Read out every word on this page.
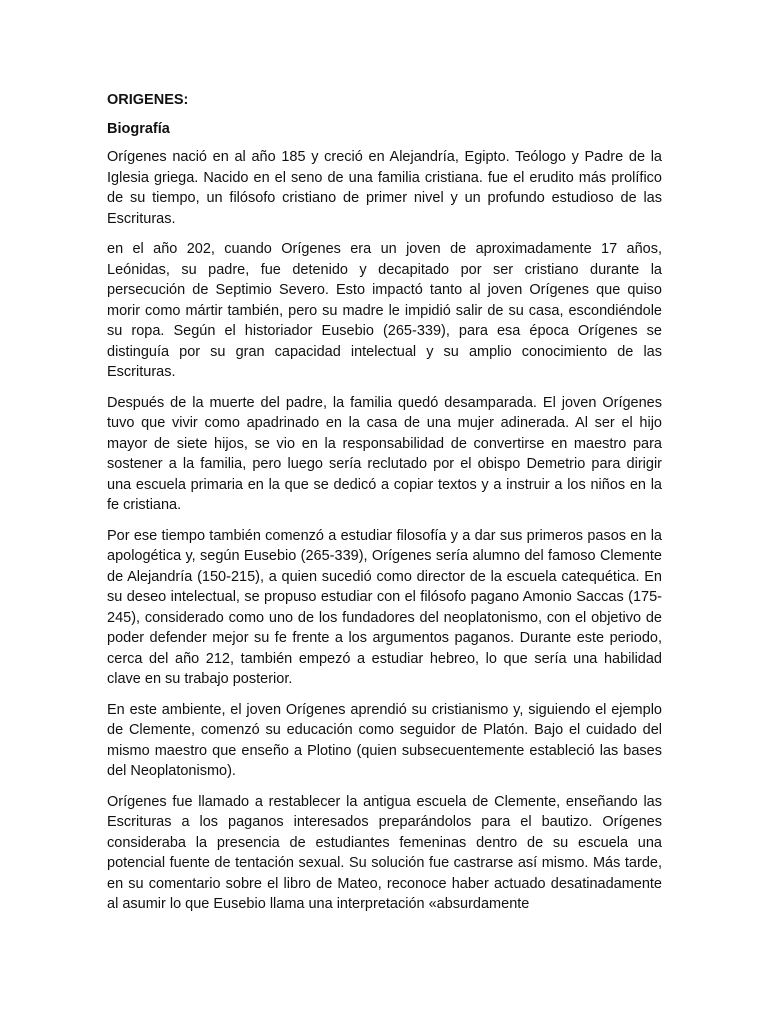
ORIGENES:
Biografía

Orígenes nació en al año 185 y creció en Alejandría, Egipto. Teólogo y Padre de la Iglesia griega. Nacido en el seno de una familia cristiana. fue el erudito más prolífico de su tiempo, un filósofo cristiano de primer nivel y un profundo estudioso de las Escrituras.

en el año 202, cuando Orígenes era un joven de aproximadamente 17 años, Leónidas, su padre, fue detenido y decapitado por ser cristiano durante la persecución de Septimio Severo. Esto impactó tanto al joven Orígenes que quiso morir como mártir también, pero su madre le impidió salir de su casa, escondiéndole su ropa. Según el historiador Eusebio (265-339), para esa época Orígenes se distinguía por su gran capacidad intelectual y su amplio conocimiento de las Escrituras.

Después de la muerte del padre, la familia quedó desamparada. El joven Orígenes tuvo que vivir como apadrinado en la casa de una mujer adinerada. Al ser el hijo mayor de siete hijos, se vio en la responsabilidad de convertirse en maestro para sostener a la familia, pero luego sería reclutado por el obispo Demetrio para dirigir una escuela primaria en la que se dedicó a copiar textos y a instruir a los niños en la fe cristiana.

Por ese tiempo también comenzó a estudiar filosofía y a dar sus primeros pasos en la apologética y, según Eusebio (265-339), Orígenes sería alumno del famoso Clemente de Alejandría (150-215), a quien sucedió como director de la escuela catequética. En su deseo intelectual, se propuso estudiar con el filósofo pagano Amonio Saccas (175-245), considerado como uno de los fundadores del neoplatonismo, con el objetivo de poder defender mejor su fe frente a los argumentos paganos. Durante este periodo, cerca del año 212, también empezó a estudiar hebreo, lo que sería una habilidad clave en su trabajo posterior.

En este ambiente, el joven Orígenes aprendió su cristianismo y, siguiendo el ejemplo de Clemente, comenzó su educación como seguidor de Platón. Bajo el cuidado del mismo maestro que enseño a Plotino (quien subsecuentemente estableció las bases del Neoplatonismo).

Orígenes fue llamado a restablecer la antigua escuela de Clemente, enseñando las Escrituras a los paganos interesados preparándolos para el bautizo. Orígenes consideraba la presencia de estudiantes femeninas dentro de su escuela una potencial fuente de tentación sexual. Su solución fue castrarse así mismo. Más tarde, en su comentario sobre el libro de Mateo, reconoce haber actuado desatinadamente al asumir lo que Eusebio llama una interpretación «absurdamente
